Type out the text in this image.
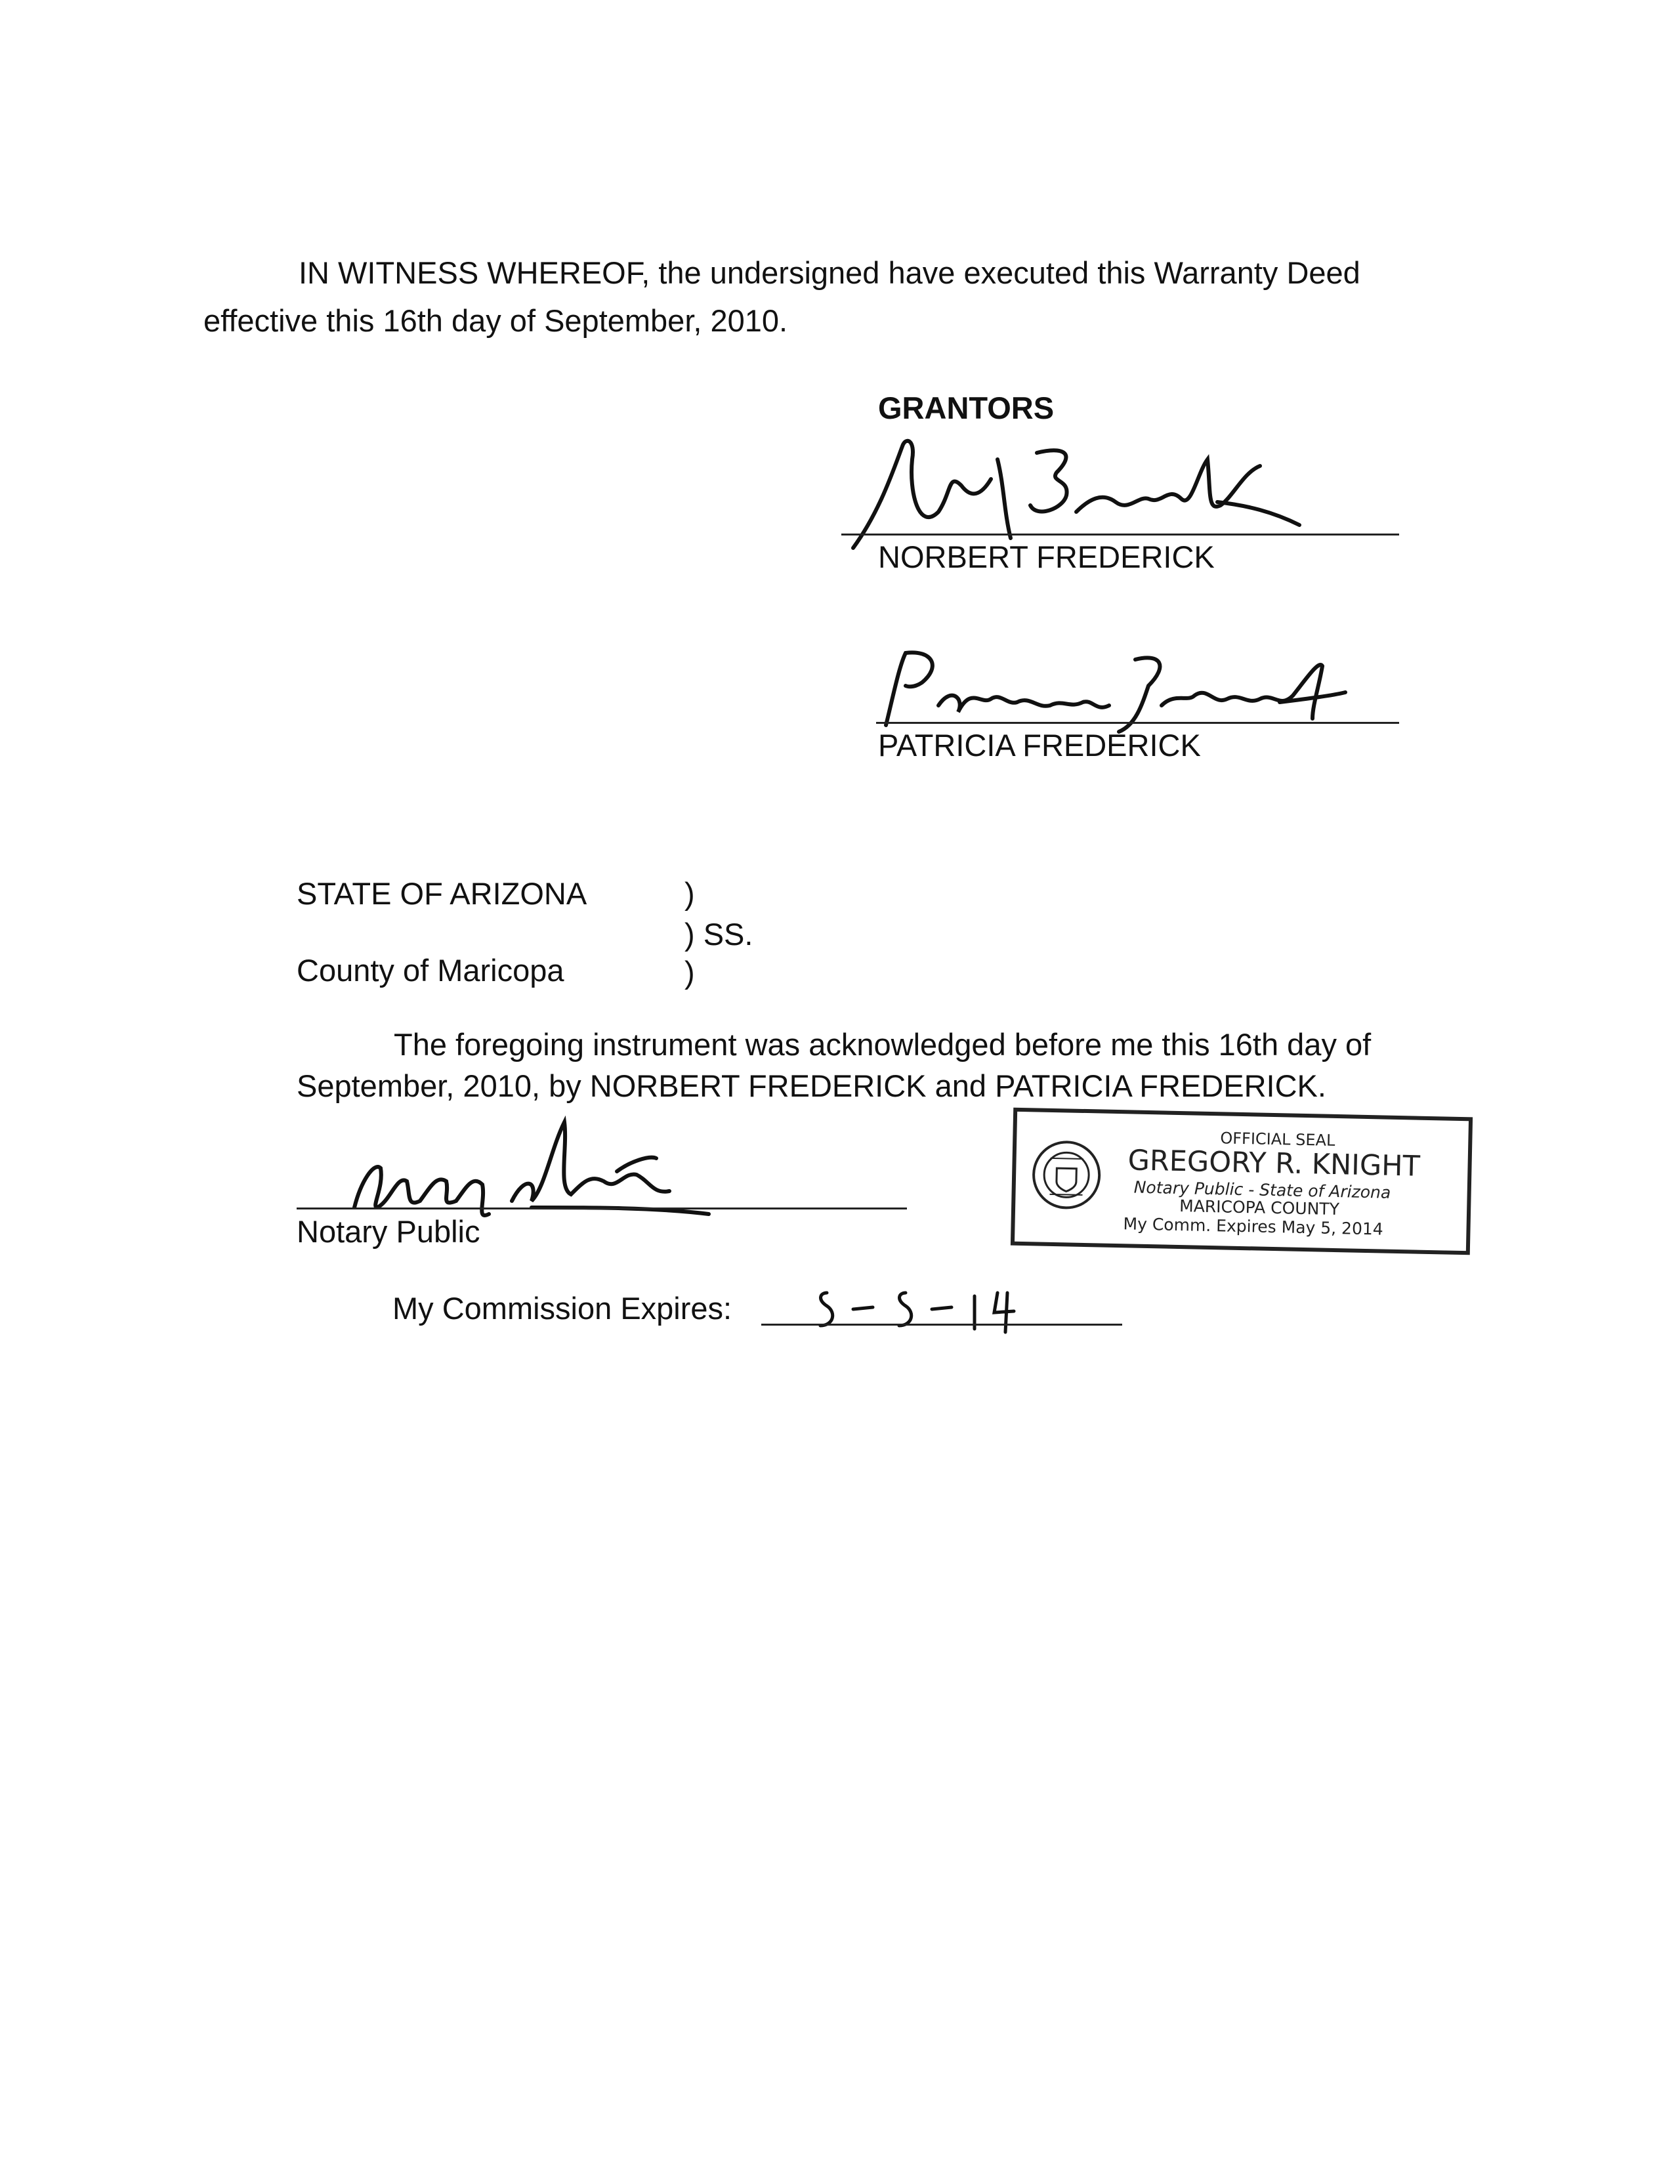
IN WITNESS WHEREOF, the undersigned have executed this Warranty Deed
effective this 16th day of September, 2010.
GRANTORS
NORBERT FREDERICK
PATRICIA FREDERICK
STATE OF ARIZONA	)
) SS.
County of Maricopa	)
The foregoing instrument was acknowledged before me this 16th day of
September, 2010, by NORBERT FREDERICK and PATRICIA FREDERICK.
Notary Public
My Commission Expires:
OFFICIAL SEAL
GREGORY R. KNIGHT
Notary Public - State of Arizona
MARICOPA COUNTY
My Comm. Expires May 5, 2014
